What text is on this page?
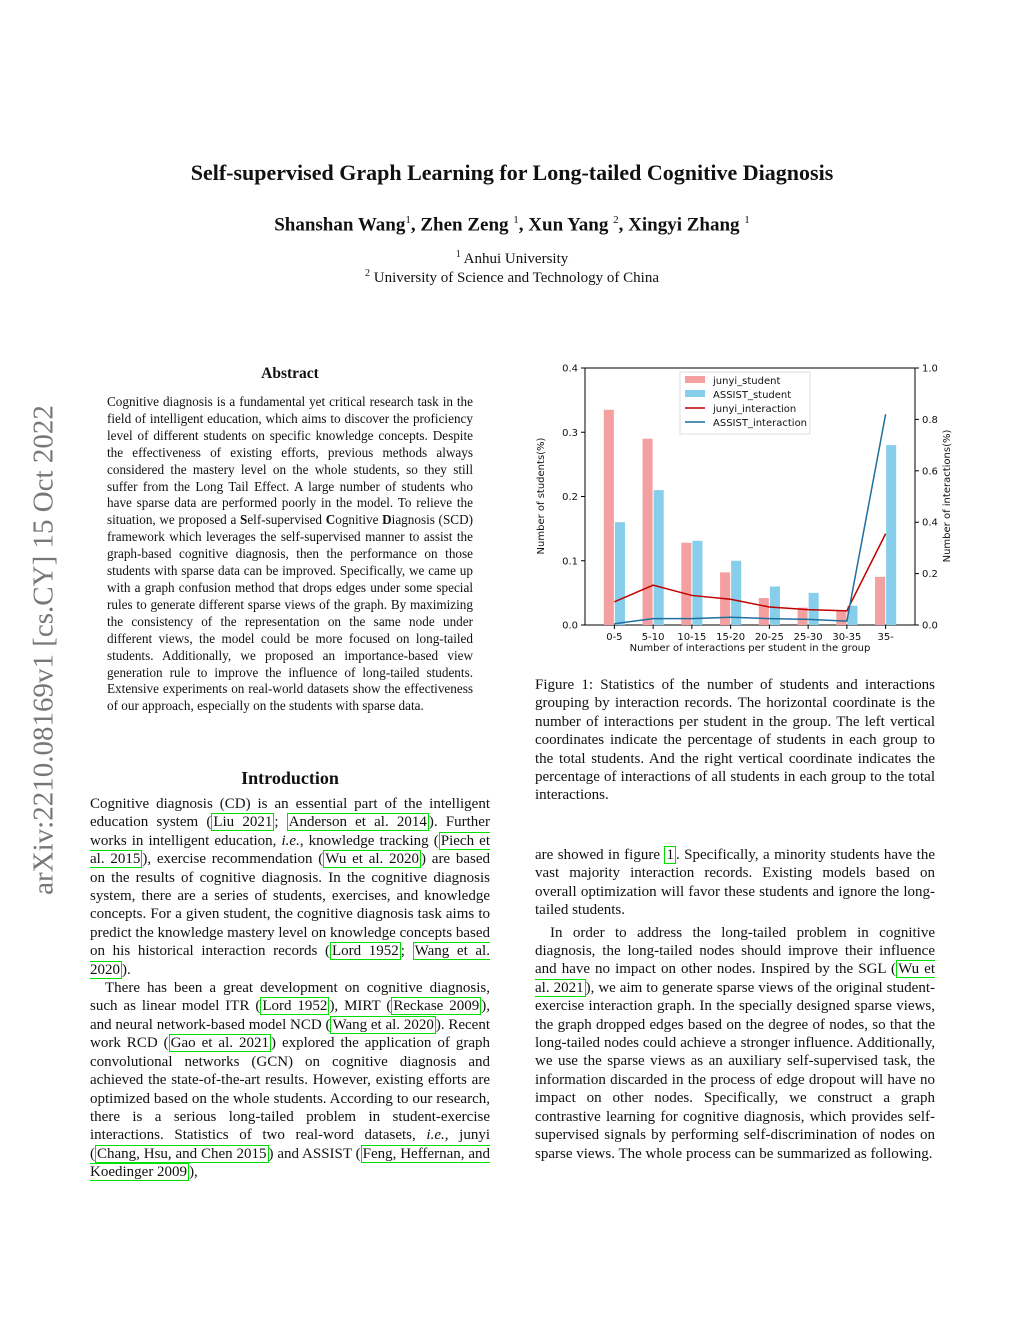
Self-supervised Graph Learning for Long-tailed Cognitive Diagnosis
Shanshan Wang$^1$, Zhen Zeng $^1$, Xun Yang $^2$, Xingyi Zhang $^1$
$^1$ Anhui University
$^2$ University of Science and Technology of China
arXiv:2210.08169v1 [cs.CY] 15 Oct 2022
Abstract

Cognitive diagnosis is a fundamental yet critical research task in the field of intelligent education, which aims to discover the proficiency level of different students on specific knowledge concepts. Despite the effectiveness of existing efforts, previous methods always considered the mastery level on the whole students, so they still suffer from the Long Tail Effect. A large number of students who have sparse data are performed poorly in the model. To relieve the situation, we proposed a Self-supervised Cognitive Diagnosis (SCD) framework which leverages the self-supervised manner to assist the graph-based cognitive diagnosis, then the performance on those students with sparse data can be improved. Specifically, we came up with a graph confusion method that drops edges under some special rules to generate different sparse views of the graph. By maximizing the consistency of the representation on the same node under different views, the model could be more focused on long-tailed students. Additionally, we proposed an importance-based view generation rule to improve the influence of long-tailed students. Extensive experiments on real-world datasets show the effectiveness of our approach, especially on the students with sparse data.

Introduction

Cognitive diagnosis (CD) is an essential part of the intelligent education system ( Liu 2021 ; Anderson et al. 2014 ). Further works in intelligent education, i.e., knowledge tracking ( Piech et al. 2015 ), exercise recommendation ( Wu et al. 2020 ) are based on the results of cognitive diagnosis. In the cognitive diagnosis system, there are a series of students, exercises, and knowledge concepts. For a given student, the cognitive diagnosis task aims to predict the knowledge mastery level on knowledge concepts based on his historical interaction records ( Lord 1952 ; Wang et al. 2020 ).

There has been a great development on cognitive diagnosis, such as linear model ITR ( Lord 1952 ), MIRT ( Reckase 2009 ), and neural network-based model NCD ( Wang et al. 2020 ). Recent work RCD ( Gao et al. 2021 ) explored the application of graph convolutional networks (GCN) on cognitive diagnosis and achieved the state-of-the-art results. However, existing efforts are optimized based on the whole students. According to our research, there is a serious long-tailed problem in student-exercise interactions. Statistics of two real-word datasets, i.e., junyi ( Chang, Hsu, and Chen 2015 ) and ASSIST ( Feng, Heffernan, and Koedinger 2009 ),

0.0
0.1
0.2
0.3
0.4
0.0
0.2
0.4
0.6
0.8
1.0
0-5 5-10 10-15 15-20 20-25 25-30 30-35 35-
Number of interactions per student in the group
Number of students(%)	Number of interactions(%)
junyi_student
ASSIST_student
junyi_interaction
ASSIST_interaction
Figure 1: Statistics of the number of students and interactions grouping by interaction records. The horizontal coordinate is the number of interactions per student in the group. The left vertical coordinates indicate the percentage of students in each group to the total students. And the right vertical coordinate indicates the percentage of interactions of all students in each group to the total interactions.

are showed in figure 1 . Specifically, a minority students have the vast majority interaction records. Existing models based on overall optimization will favor these students and ignore the long-tailed students.

In order to address the long-tailed problem in cognitive diagnosis, the long-tailed nodes should improve their influence and have no impact on other nodes. Inspired by the SGL ( Wu et al. 2021 ), we aim to generate sparse views of the original student-exercise interaction graph. In the specially designed sparse views, the graph dropped edges based on the degree of nodes, so that the long-tailed nodes could achieve a stronger influence. Additionally, we use the sparse views as an auxiliary self-supervised task, the information discarded in the process of edge dropout will have no impact on other nodes. Specifically, we construct a graph contrastive learning for cognitive diagnosis, which provides self-supervised signals by performing self-discrimination of nodes on sparse views. The whole process can be summarized as following.
